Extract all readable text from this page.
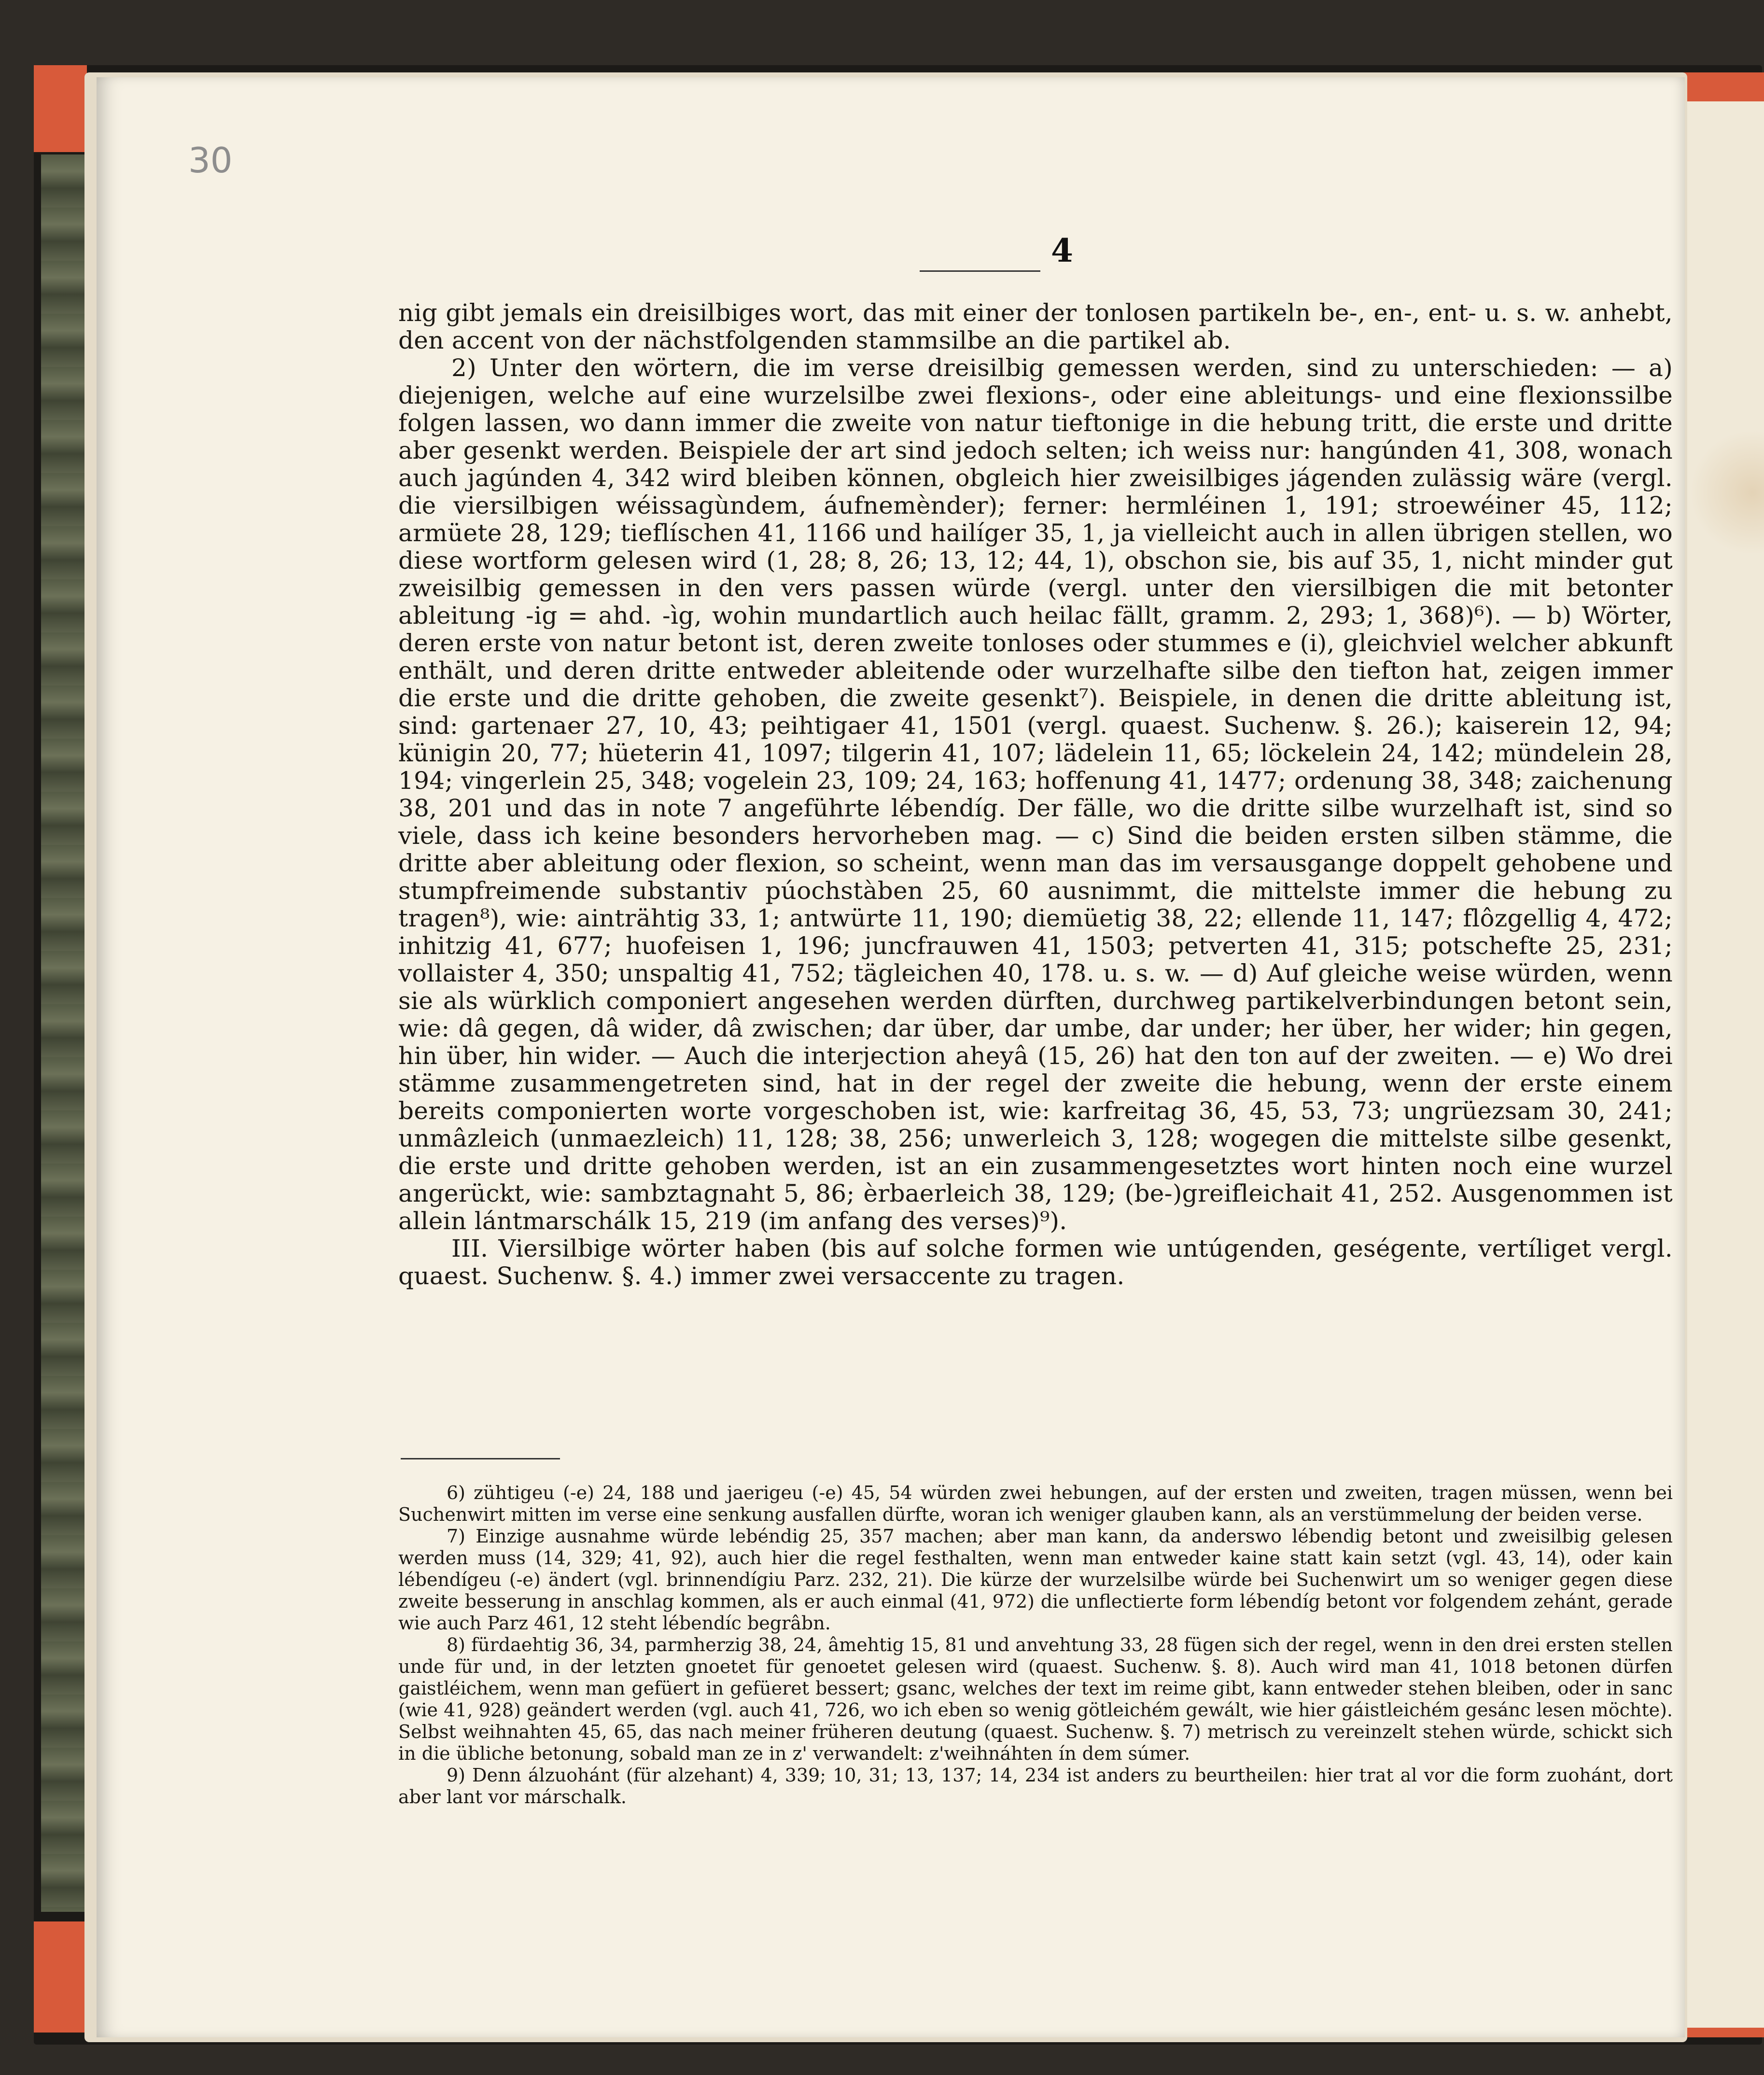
30
4

nig gibt jemals ein dreisilbiges wort, das mit einer der tonlosen partikeln be-, en-, ent- u. s. w. anhebt, den accent von der nächstfolgenden stammsilbe an die partikel ab.

2) Unter den wörtern, die im verse dreisilbig gemessen werden, sind zu unterschieden: — a) diejenigen, welche auf eine wurzelsilbe zwei flexions-, oder eine ableitungs- und eine flexionssilbe folgen lassen, wo dann immer die zweite von natur tieftonige in die hebung tritt, die erste und dritte aber gesenkt werden. Beispiele der art sind jedoch selten; ich weiss nur: hangúnden 41, 308, wonach auch jagúnden 4, 342 wird bleiben können, obgleich hier zweisilbiges jágenden zulässig wäre (vergl. die viersilbigen wéissagùndem, áufnemènder); ferner: hermléinen 1, 191; stroewéiner 45, 112; armüete 28, 129; tieflíschen 41, 1166 und hailíger 35, 1, ja vielleicht auch in allen übrigen stellen, wo diese wortform gelesen wird (1, 28; 8, 26; 13, 12; 44, 1), obschon sie, bis auf 35, 1, nicht minder gut zweisilbig gemessen in den vers passen würde (vergl. unter den viersilbigen die mit betonter ableitung -ig = ahd. -ìg, wohin mundartlich auch heilac fällt, gramm. 2, 293; 1, 368)⁶). — b) Wörter, deren erste von natur betont ist, deren zweite tonloses oder stummes e (i), gleichviel welcher abkunft enthält, und deren dritte entweder ableitende oder wurzelhafte silbe den tiefton hat, zeigen immer die erste und die dritte gehoben, die zweite gesenkt⁷). Beispiele, in denen die dritte ableitung ist, sind: gartenaer 27, 10, 43; peihtigaer 41, 1501 (vergl. quaest. Suchenw. §. 26.); kaiserein 12, 94; künigin 20, 77; hüeterin 41, 1097; tilgerin 41, 107; lädelein 11, 65; löckelein 24, 142; mündelein 28, 194; vingerlein 25, 348; vogelein 23, 109; 24, 163; hoffenung 41, 1477; ordenung 38, 348; zaichenung 38, 201 und das in note 7 angeführte lébendíg. Der fälle, wo die dritte silbe wurzelhaft ist, sind so viele, dass ich keine besonders hervorheben mag. — c) Sind die beiden ersten silben stämme, die dritte aber ableitung oder flexion, so scheint, wenn man das im versausgange doppelt gehobene und stumpfreimende substantiv púochstàben 25, 60 ausnimmt, die mittelste immer die hebung zu tragen⁸), wie: ainträhtig 33, 1; antwürte 11, 190; diemüetig 38, 22; ellende 11, 147; flôzgellig 4, 472; inhitzig 41, 677; huofeisen 1, 196; juncfrauwen 41, 1503; petverten 41, 315; potschefte 25, 231; vollaister 4, 350; unspaltig 41, 752; tägleichen 40, 178. u. s. w. — d) Auf gleiche weise würden, wenn sie als würklich componiert angesehen werden dürften, durchweg partikelverbindungen betont sein, wie: dâ gegen, dâ wider, dâ zwischen; dar über, dar umbe, dar under; her über, her wider; hin gegen, hin über, hin wider. — Auch die interjection aheyâ (15, 26) hat den ton auf der zweiten. — e) Wo drei stämme zusammengetreten sind, hat in der regel der zweite die hebung, wenn der erste einem bereits componierten worte vorgeschoben ist, wie: karfreitag 36, 45, 53, 73; ungrüezsam 30, 241; unmâzleich (unmaezleich) 11, 128; 38, 256; unwerleich 3, 128; wogegen die mittelste silbe gesenkt, die erste und dritte gehoben werden, ist an ein zusammengesetztes wort hinten noch eine wurzel angerückt, wie: sambztagnaht 5, 86; èrbaerleich 38, 129; (be-)greifleichait 41, 252. Ausgenommen ist allein lántmarschálk 15, 219 (im anfang des verses)⁹).

III. Viersilbige wörter haben (bis auf solche formen wie untúgenden, geségente, vertíliget vergl. quaest. Suchenw. §. 4.) immer zwei versaccente zu tragen.

6) zühtigeu (-e) 24, 188 und jaerigeu (-e) 45, 54 würden zwei hebungen, auf der ersten und zweiten, tragen müssen, wenn bei Suchenwirt mitten im verse eine senkung ausfallen dürfte, woran ich weniger glauben kann, als an verstümmelung der beiden verse.

7) Einzige ausnahme würde lebéndig 25, 357 machen; aber man kann, da anderswo lébendig betont und zweisilbig gelesen werden muss (14, 329; 41, 92), auch hier die regel festhalten, wenn man entweder kaine statt kain setzt (vgl. 43, 14), oder kain lébendígeu (-e) ändert (vgl. brinnendígiu Parz. 232, 21). Die kürze der wurzelsilbe würde bei Suchenwirt um so weniger gegen diese zweite besserung in anschlag kommen, als er auch einmal (41, 972) die unflectierte form lébendíg betont vor folgendem zehánt, gerade wie auch Parz 461, 12 steht lébendíc begrâbn.

8) fürdaehtig 36, 34, parmherzig 38, 24, âmehtig 15, 81 und anvehtung 33, 28 fügen sich der regel, wenn in den drei ersten stellen unde für und, in der letzten gnoetet für genoetet gelesen wird (quaest. Suchenw. §. 8). Auch wird man 41, 1018 betonen dürfen gaistléichem, wenn man gefüert in gefüeret bessert; gsanc, welches der text im reime gibt, kann entweder stehen bleiben, oder in sanc (wie 41, 928) geändert werden (vgl. auch 41, 726, wo ich eben so wenig götleichém gewált, wie hier gáistleichém gesánc lesen möchte). Selbst weihnahten 45, 65, das nach meiner früheren deutung (quaest. Suchenw. §. 7) metrisch zu vereinzelt stehen würde, schickt sich in die übliche betonung, sobald man ze in z' verwandelt: z'weihnáhten ín dem súmer.

9) Denn álzuohánt (für alzehant) 4, 339; 10, 31; 13, 137; 14, 234 ist anders zu beurtheilen: hier trat al vor die form zuohánt, dort aber lant vor márschalk.
